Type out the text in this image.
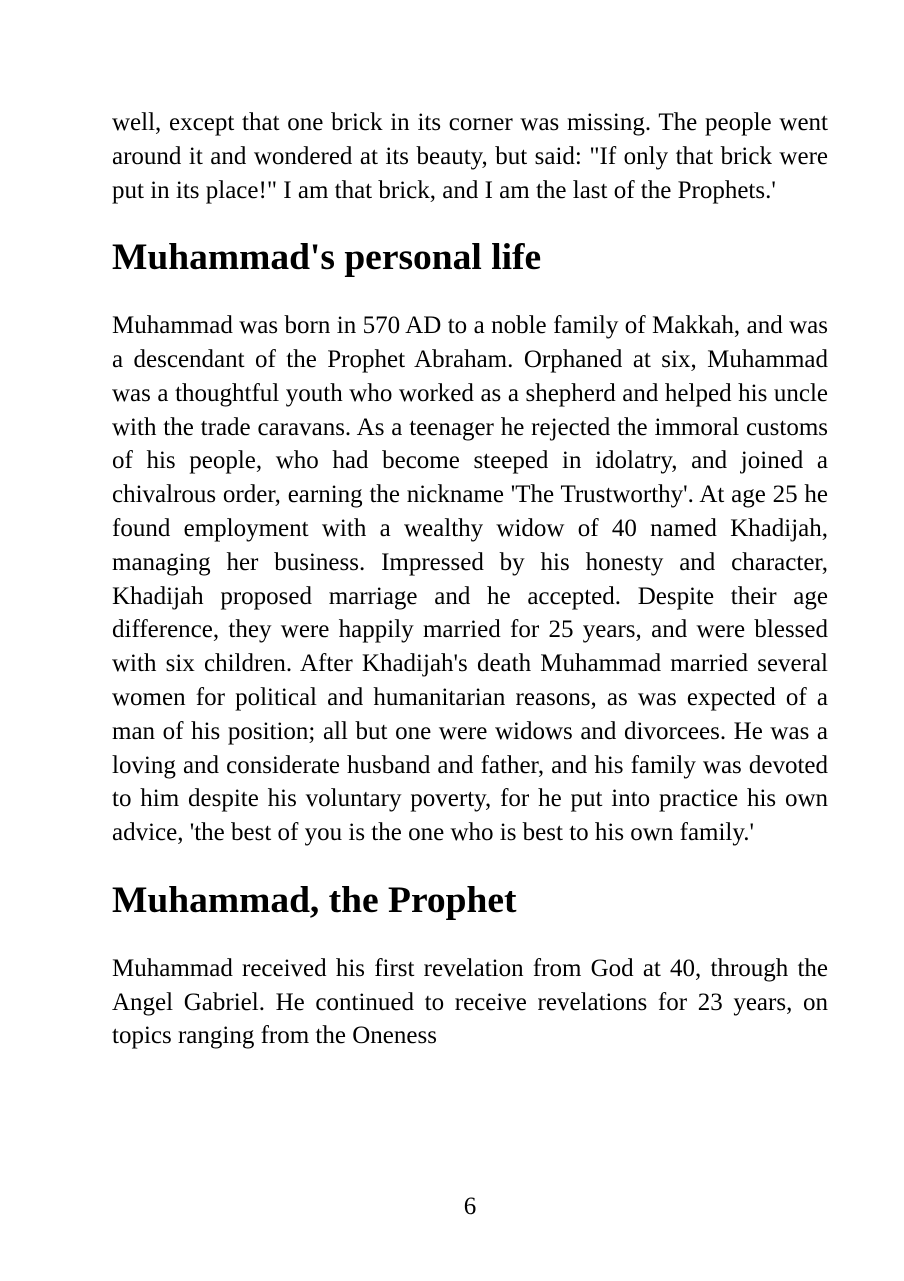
well, except that one brick in its corner was missing. The people went around it and wondered at its beauty, but said: "If only that brick were put in its place!" I am that brick, and I am the last of the Prophets.'

Muhammad's personal life

Muhammad was born in 570 AD to a noble family of Makkah, and was a descendant of the Prophet Abraham. Orphaned at six, Muhammad was a thoughtful youth who worked as a shepherd and helped his uncle with the trade caravans. As a teenager he rejected the immoral customs of his people, who had become steeped in idolatry, and joined a chivalrous order, earning the nickname 'The Trustworthy'. At age 25 he found employment with a wealthy widow of 40 named Khadijah, managing her business. Impressed by his honesty and character, Khadijah proposed marriage and he accepted. Despite their age difference, they were happily married for 25 years, and were blessed with six children. After Khadijah's death Muhammad married several women for political and humanitarian reasons, as was expected of a man of his position; all but one were widows and divorcees. He was a loving and considerate husband and father, and his family was devoted to him despite his voluntary poverty, for he put into practice his own advice, 'the best of you is the one who is best to his own family.'

Muhammad, the Prophet

Muhammad received his first revelation from God at 40, through the Angel Gabriel. He continued to receive revelations for 23 years, on topics ranging from the Oneness

6
